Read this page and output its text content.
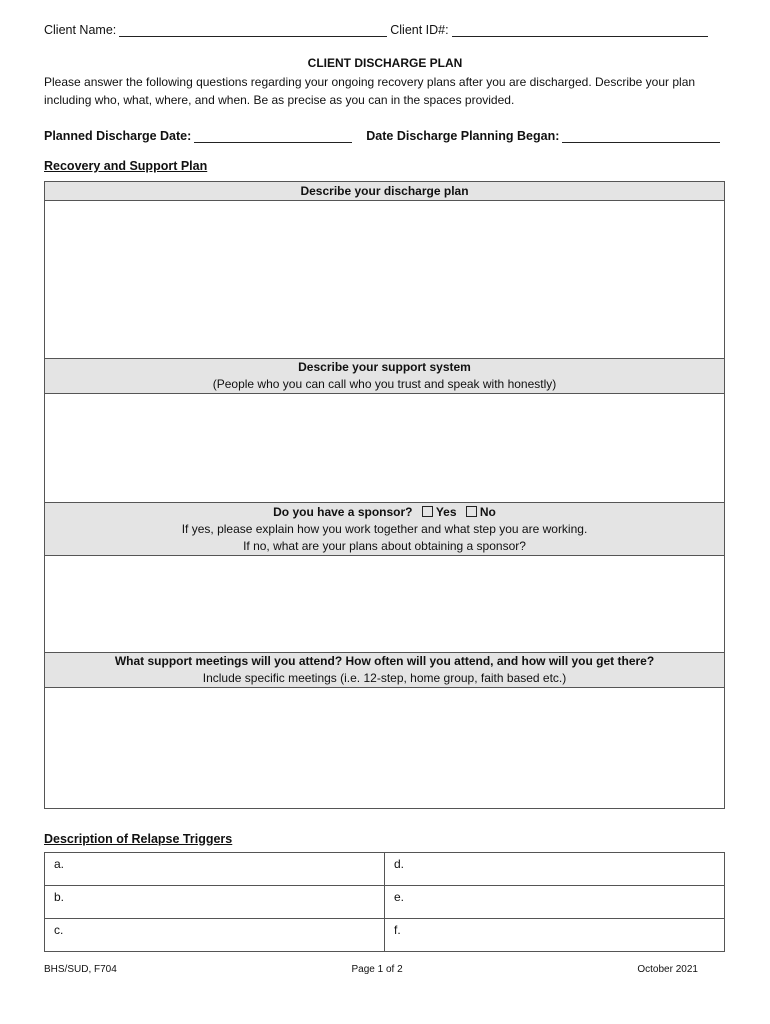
Client Name:	Client ID#:
CLIENT DISCHARGE PLAN
Please answer the following questions regarding your ongoing recovery plans after you are discharged. Describe your plan including who, what, where, and when. Be as precise as you can in the spaces provided.
Planned Discharge Date:	Date Discharge Planning Began:
Recovery and Support Plan
Describe your discharge plan

Describe your support system
(People who you can call who you trust and speak with honestly)

Do you have a sponsor? Yes No
If yes, please explain how you work together and what step you are working.
If no, what are your plans about obtaining a sponsor?

What support meetings will you attend? How often will you attend, and how will you get there?
Include specific meetings (i.e. 12-step, home group, faith based etc.)

Description of Relapse Triggers
a.	d.
b.	e.
c.	f.
BHS/SUD, F704	Page 1 of 2	October 2021
